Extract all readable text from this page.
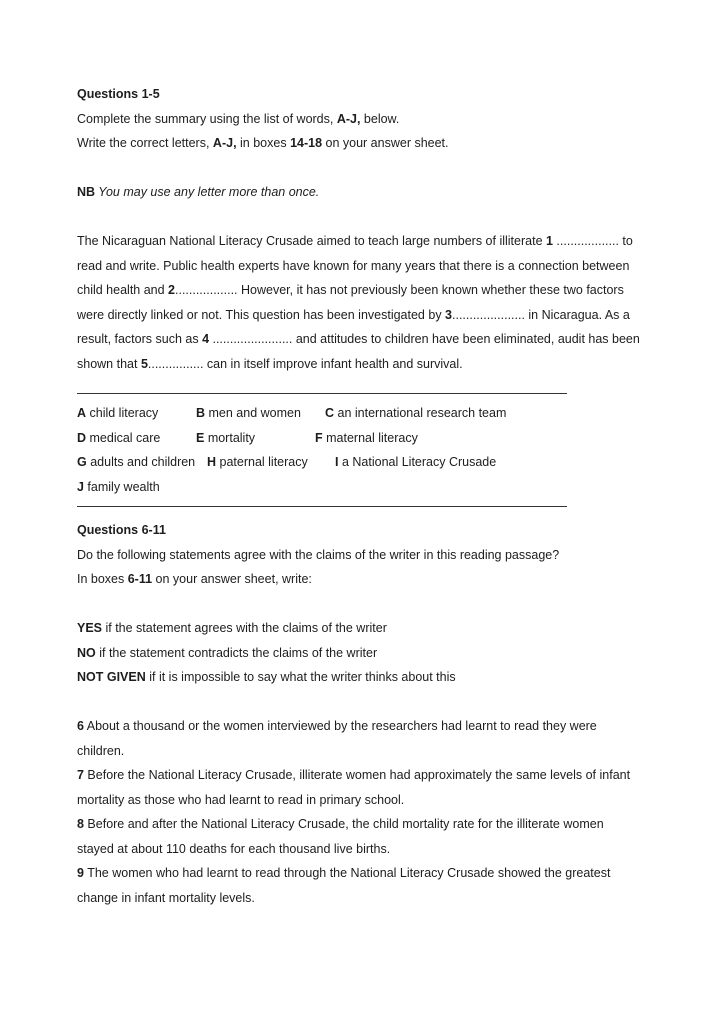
Questions 1-5
Complete the summary using the list of words, A-J, below.
Write the correct letters, A-J, in boxes 14-18 on your answer sheet.
NB You may use any letter more than once.
The Nicaraguan National Literacy Crusade aimed to teach large numbers of illiterate 1 .................. to
read and write. Public health experts have known for many years that there is a connection between
child health and 2.................. However, it has not previously been known whether these two factors
were directly linked or not. This question has been investigated by 3..................... in Nicaragua. As a
result, factors such as 4 ....................... and attitudes to children have been eliminated, audit has been
shown that 5................ can in itself improve infant health and survival.
A child literacy	B men and women C an international research team
D medical care	E mortality	F maternal literacy
G adults and children H paternal literacy I a National Literacy Crusade
J family wealth
Questions 6-11
Do the following statements agree with the claims of the writer in this reading passage?
In boxes 6-11 on your answer sheet, write:
YES if the statement agrees with the claims of the writer
NO if the statement contradicts the claims of the writer
NOT GIVEN if it is impossible to say what the writer thinks about this
6 About a thousand or the women interviewed by the researchers had learnt to read they were
children.
7 Before the National Literacy Crusade, illiterate women had approximately the same levels of infant
mortality as those who had learnt to read in primary school.
8 Before and after the National Literacy Crusade, the child mortality rate for the illiterate women
stayed at about 110 deaths for each thousand live births.
9 The women who had learnt to read through the National Literacy Crusade showed the greatest
change in infant mortality levels.
